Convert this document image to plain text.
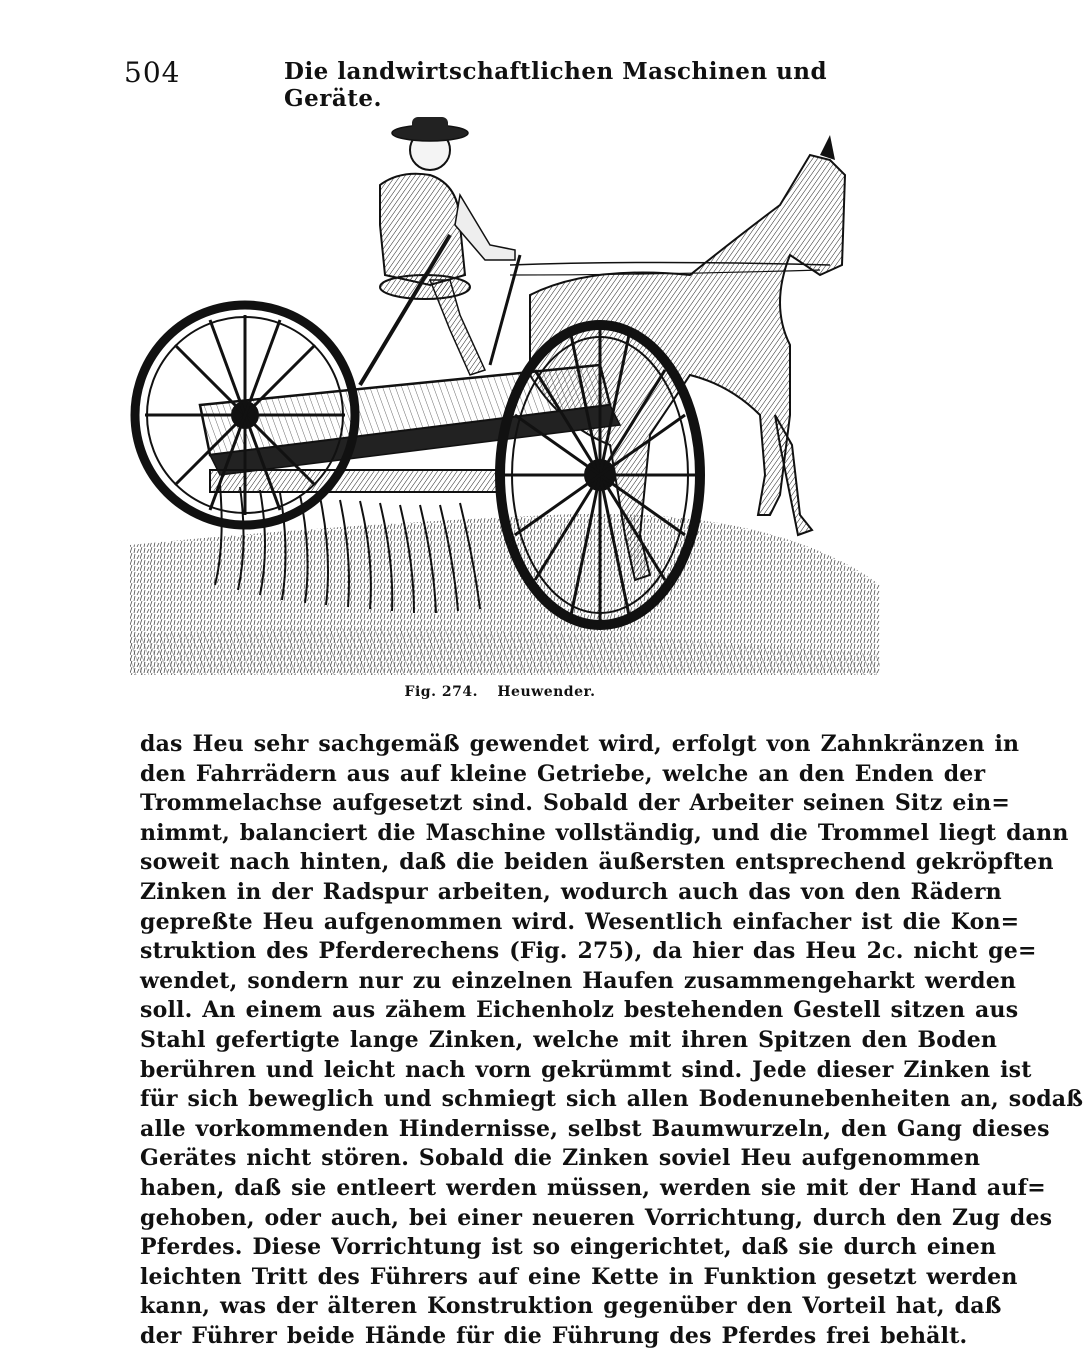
504	Die landwirtschaftlichen Maschinen und Geräte.
Fig. 274. Heuwender.
das Heu sehr sachgemäß gewendet wird, erfolgt von Zahnkränzen in
den Fahrrädern aus auf kleine Getriebe, welche an den Enden der
Trommelachse aufgesetzt sind. Sobald der Arbeiter seinen Sitz ein=
nimmt, balanciert die Maschine vollständig, und die Trommel liegt dann
soweit nach hinten, daß die beiden äußersten entsprechend gekröpften
Zinken in der Radspur arbeiten, wodurch auch das von den Rädern
gepreßte Heu aufgenommen wird. Wesentlich einfacher ist die Kon=
struktion des Pferderechens (Fig. 275), da hier das Heu 2c. nicht ge=
wendet, sondern nur zu einzelnen Haufen zusammengeharkt werden
soll. An einem aus zähem Eichenholz bestehenden Gestell sitzen aus
Stahl gefertigte lange Zinken, welche mit ihren Spitzen den Boden
berühren und leicht nach vorn gekrümmt sind. Jede dieser Zinken ist
für sich beweglich und schmiegt sich allen Bodenunebenheiten an, sodaß
alle vorkommenden Hindernisse, selbst Baumwurzeln, den Gang dieses
Gerätes nicht stören. Sobald die Zinken soviel Heu aufgenommen
haben, daß sie entleert werden müssen, werden sie mit der Hand auf=
gehoben, oder auch, bei einer neueren Vorrichtung, durch den Zug des
Pferdes. Diese Vorrichtung ist so eingerichtet, daß sie durch einen
leichten Tritt des Führers auf eine Kette in Funktion gesetzt werden
kann, was der älteren Konstruktion gegenüber den Vorteil hat, daß
der Führer beide Hände für die Führung des Pferdes frei behält.
